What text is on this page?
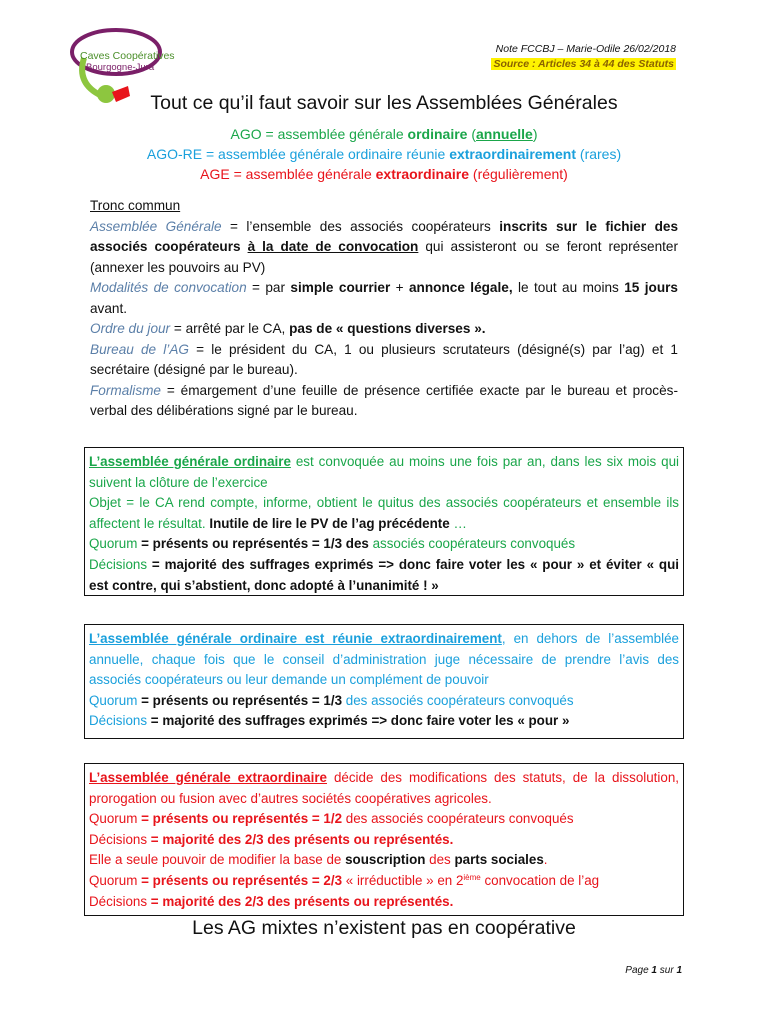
Caves Coopératives
Bourgogne-Jura
Note FCCBJ – Marie-Odile 26/02/2018
Source : Articles 34 à 44 des Statuts
Tout ce qu’il faut savoir sur les Assemblées Générales
AGO = assemblée générale ordinaire (annuelle)
AGO-RE = assemblée générale ordinaire réunie extraordinairement (rares)
AGE = assemblée générale extraordinaire (régulièrement)

Tronc commun

Assemblée Générale = l’ensemble des associés coopérateurs inscrits sur le fichier des associés coopérateurs à la date de convocation qui assisteront ou se feront représenter (annexer les pouvoirs au PV)

Modalités de convocation = par simple courrier + annonce légale, le tout au moins 15 jours avant.

Ordre du jour = arrêté par le CA, pas de « questions diverses ».

Bureau de l’AG = le président du CA, 1 ou plusieurs scrutateurs (désigné(s) par l’ag) et 1 secrétaire (désigné par le bureau).

Formalisme = émargement d’une feuille de présence certifiée exacte par le bureau et procès-verbal des délibérations signé par le bureau.

L’assemblée générale ordinaire est convoquée au moins une fois par an, dans les six mois qui suivent la clôture de l’exercice

Objet = le CA rend compte, informe, obtient le quitus des associés coopérateurs et ensemble ils affectent le résultat. Inutile de lire le PV de l’ag précédente …

Quorum = présents ou représentés = 1/3 des associés coopérateurs convoqués

Décisions = majorité des suffrages exprimés => donc faire voter les « pour » et éviter « qui est contre, qui s’abstient, donc adopté à l’unanimité ! »

L’assemblée générale ordinaire est réunie extraordinairement, en dehors de l’assemblée annuelle, chaque fois que le conseil d’administration juge nécessaire de prendre l’avis des associés coopérateurs ou leur demande un complément de pouvoir

Quorum = présents ou représentés = 1/3 des associés coopérateurs convoqués

Décisions = majorité des suffrages exprimés => donc faire voter les « pour »

L’assemblée générale extraordinaire décide des modifications des statuts, de la dissolution, prorogation ou fusion avec d’autres sociétés coopératives agricoles.

Quorum = présents ou représentés = 1/2 des associés coopérateurs convoqués

Décisions = majorité des 2/3 des présents ou représentés.

Elle a seule pouvoir de modifier la base de souscription des parts sociales.

Quorum = présents ou représentés = 2/3 « irréductible » en 2ième convocation de l’ag

Décisions = majorité des 2/3 des présents ou représentés.

Les AG mixtes n’existent pas en coopérative
Page 1 sur 1
